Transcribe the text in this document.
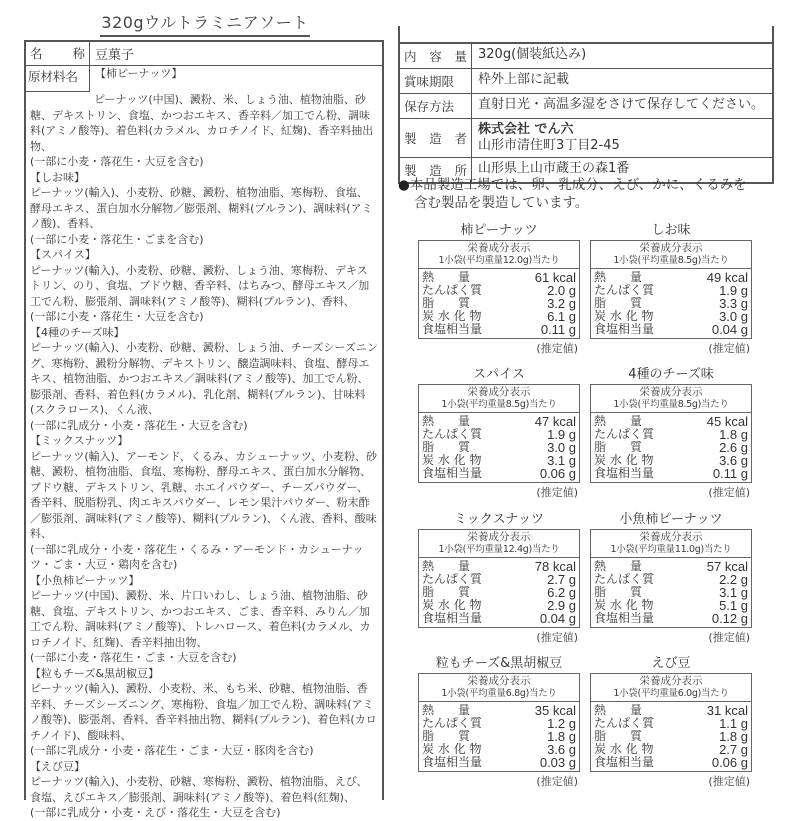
320gウルトラミニアソート
名 称 豆菓子
原材料名	【柿ピーナッツ】
ピーナッツ(中国)、澱粉、米、しょう油、植物油脂、砂糖、デキストリン、食塩、かつおエキス、香辛料／加工でん粉、調味料(アミノ酸等)、着色料(カラメル、カロチノイド、紅麹)、香辛料抽出物、
(一部に小麦・落花生・大豆を含む)
【しお味】
ピーナッツ(輸入)、小麦粉、砂糖、澱粉、植物油脂、寒梅粉、食塩、酵母エキス、蛋白加水分解物／膨張剤、糊料(プルラン)、調味料(アミノ酸)、香料、
(一部に小麦・落花生・ごまを含む)
【スパイス】
ピーナッツ(輸入)、小麦粉、砂糖、澱粉、しょう油、寒梅粉、デキストリン、のり、食塩、ブドウ糖、香辛料、はちみつ、酵母エキス／加工でん粉、膨張剤、調味料(アミノ酸等)、糊料(プルラン)、香料、
(一部に小麦・落花生・大豆を含む)
【4種のチーズ味】
ピーナッツ(輸入)、小麦粉、砂糖、澱粉、しょう油、チーズシーズニング、寒梅粉、澱粉分解物、デキストリン、醸造調味料、食塩、酵母エキス、植物油脂、かつおエキス／調味料(アミノ酸等)、加工でん粉、膨張剤、香料、着色料(カラメル)、乳化剤、糊料(プルラン)、甘味料(スクラロース)、くん液、
(一部に乳成分・小麦・落花生・大豆を含む)
【ミックスナッツ】
ピーナッツ(輸入)、アーモンド、くるみ、カシューナッツ、小麦粉、砂糖、澱粉、植物油脂、食塩、寒梅粉、酵母エキス、蛋白加水分解物、ブドウ糖、デキストリン、乳糖、ホエイパウダー、チーズパウダー、香辛料、脱脂粉乳、肉エキスパウダー、レモン果汁パウダー、粉末酢／膨張剤、調味料(アミノ酸等)、糊料(プルラン)、くん液、香料、酸味料、
(一部に乳成分・小麦・落花生・くるみ・アーモンド・カシューナッツ・ごま・大豆・鶏肉を含む)
【小魚柿ピーナッツ】
ピーナッツ(中国)、澱粉、米、片口いわし、しょう油、植物油脂、砂糖、食塩、デキストリン、かつおエキス、ごま、香辛料、みりん／加工でん粉、調味料(アミノ酸等)、トレハロース、着色料(カラメル、カロチノイド、紅麹)、香辛料抽出物、
(一部に小麦・落花生・ごま・大豆を含む)
【粒もチーズ&黒胡椒豆】
ピーナッツ(輸入)、澱粉、小麦粉、米、もち米、砂糖、植物油脂、香辛料、チーズシーズニング、寒梅粉、食塩／加工でん粉、調味料(アミノ酸等)、膨張剤、香料、香辛料抽出物、糊料(プルラン)、着色料(カロチノイド)、酸味料、
(一部に乳成分・小麦・落花生・ごま・大豆・豚肉を含む)
【えび豆】
ピーナッツ(輸入)、小麦粉、砂糖、寒梅粉、澱粉、植物油脂、えび、食塩、えびエキス／膨張剤、調味料(アミノ酸等)、着色料(紅麹)、
(一部に乳成分・小麦・えび・落花生・大豆を含む)
内 容 量 320g(個装紙込み)
賞味期限	枠外上部に記載
保存方法	直射日光・高温多湿をさけて保存してください。
製 造 者
株式会社 でん六
山形市清住町3丁目2-45
製 造 所 山形県上山市蔵王の森1番
●本品製造工場では、卵、乳成分、えび、かに、くるみを
含む製品を製造しています。
柿ピーナッツ
栄養成分表示
1小袋(平均重量12.0g)当たり
熱　　量	61 kcal
たんぱく質	2.0 g
脂　　質	3.2 g
炭 水 化 物	6.1 g
食塩相当量	0.11 g
(推定値)
しお味
栄養成分表示
1小袋(平均重量8.5g)当たり
熱　　量	49 kcal
たんぱく質	1.9 g
脂　　質	3.3 g
炭 水 化 物	3.0 g
食塩相当量	0.04 g
(推定値)
スパイス
栄養成分表示
1小袋(平均重量8.5g)当たり
熱　　量	47 kcal
たんぱく質	1.9 g
脂　　質	3.0 g
炭 水 化 物	3.1 g
食塩相当量	0.06 g
(推定値)
4種のチーズ味
栄養成分表示
1小袋(平均重量8.5g)当たり
熱　　量	45 kcal
たんぱく質	1.8 g
脂　　質	2.6 g
炭 水 化 物	3.6 g
食塩相当量	0.11 g
(推定値)
ミックスナッツ
栄養成分表示
1小袋(平均重量12.4g)当たり
熱　　量	78 kcal
たんぱく質	2.7 g
脂　　質	6.2 g
炭 水 化 物	2.9 g
食塩相当量	0.04 g
(推定値)
小魚柿ピーナッツ
栄養成分表示
1小袋(平均重量11.0g)当たり
熱　　量	57 kcal
たんぱく質	2.2 g
脂　　質	3.1 g
炭 水 化 物	5.1 g
食塩相当量	0.12 g
(推定値)
粒もチーズ&黒胡椒豆
栄養成分表示
1小袋(平均重量6.8g)当たり
熱　　量	35 kcal
たんぱく質	1.2 g
脂　　質	1.8 g
炭 水 化 物	3.6 g
食塩相当量	0.03 g
(推定値)
えび豆
栄養成分表示
1小袋(平均重量6.0g)当たり
熱　　量	31 kcal
たんぱく質	1.1 g
脂　　質	1.8 g
炭 水 化 物	2.7 g
食塩相当量	0.06 g
(推定値)
